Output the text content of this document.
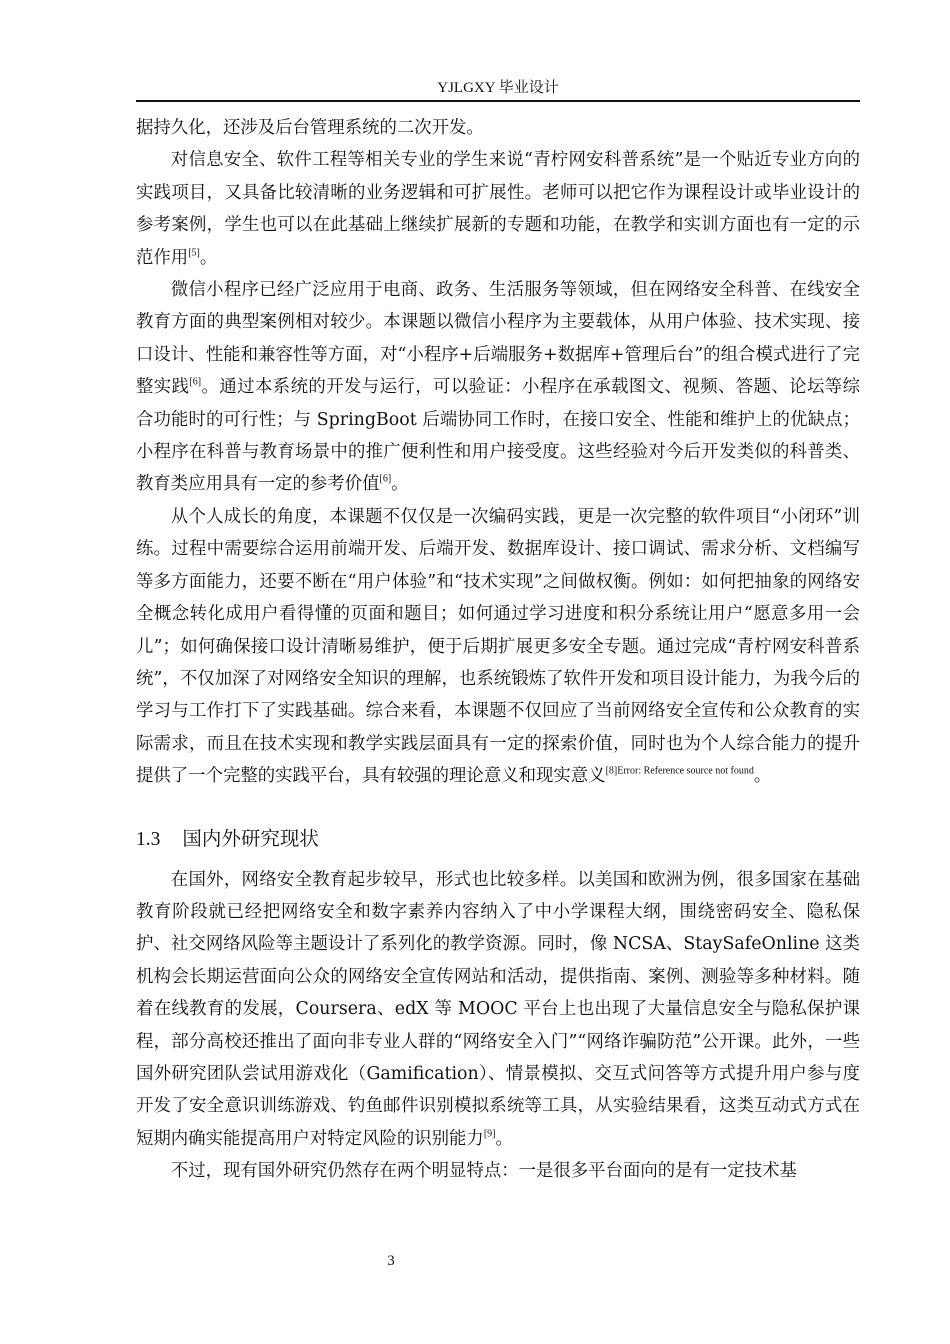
YJLGXY 毕业设计

据持久化，还涉及后台管理系统的二次开发。

对信息安全、软件工程等相关专业的学生来说“青柠网安科普系统”是一个贴近专业方向的实践项目，又具备比较清晰的业务逻辑和可扩展性。老师可以把它作为课程设计或毕业设计的参考案例，学生也可以在此基础上继续扩展新的专题和功能，在教学和实训方面也有一定的示范作用[5]。

微信小程序已经广泛应用于电商、政务、生活服务等领域，但在网络安全科普、在线安全教育方面的典型案例相对较少。本课题以微信小程序为主要载体，从用户体验、技术实现、接口设计、性能和兼容性等方面，对“小程序+后端服务+数据库+管理后台”的组合模式进行了完整实践[6]。通过本系统的开发与运行，可以验证：小程序在承载图文、视频、答题、论坛等综合功能时的可行性；与 SpringBoot 后端协同工作时，在接口安全、性能和维护上的优缺点；小程序在科普与教育场景中的推广便利性和用户接受度。这些经验对今后开发类似的科普类、教育类应用具有一定的参考价值[6]。

从个人成长的角度，本课题不仅仅是一次编码实践，更是一次完整的软件项目“小闭环”训练。过程中需要综合运用前端开发、后端开发、数据库设计、接口调试、需求分析、文档编写等多方面能力，还要不断在“用户体验”和“技术实现”之间做权衡。例如：如何把抽象的网络安全概念转化成用户看得懂的页面和题目；如何通过学习进度和积分系统让用户“愿意多用一会儿”；如何确保接口设计清晰易维护，便于后期扩展更多安全专题。通过完成“青柠网安科普系统”，不仅加深了对网络安全知识的理解，也系统锻炼了软件开发和项目设计能力，为我今后的学习与工作打下了实践基础。综合来看，本课题不仅回应了当前网络安全宣传和公众教育的实际需求，而且在技术实现和教学实践层面具有一定的探索价值，同时也为个人综合能力的提升提供了一个完整的实践平台，具有较强的理论意义和现实意义$^{[8]Error: Reference source not found}$。

1.3 国内外研究现状

在国外，网络安全教育起步较早，形式也比较多样。以美国和欧洲为例，很多国家在基础教育阶段就已经把网络安全和数字素养内容纳入了中小学课程大纲，围绕密码安全、隐私保护、社交网络风险等主题设计了系列化的教学资源。同时，像 NCSA、StaySafeOnline 这类机构会长期运营面向公众的网络安全宣传网站和活动，提供指南、案例、测验等多种材料。随着在线教育的发展，Coursera、edX 等 MOOC 平台上也出现了大量信息安全与隐私保护课程，部分高校还推出了面向非专业人群的“网络安全入门”“网络诈骗防范”公开课。此外，一些国外研究团队尝试用游戏化（Gamification）、情景模拟、交互式问答等方式提升用户参与度开发了安全意识训练游戏、钓鱼邮件识别模拟系统等工具，从实验结果看，这类互动式方式在短期内确实能提高用户对特定风险的识别能力[9]。

不过，现有国外研究仍然存在两个明显特点：一是很多平台面向的是有一定技术基

3
